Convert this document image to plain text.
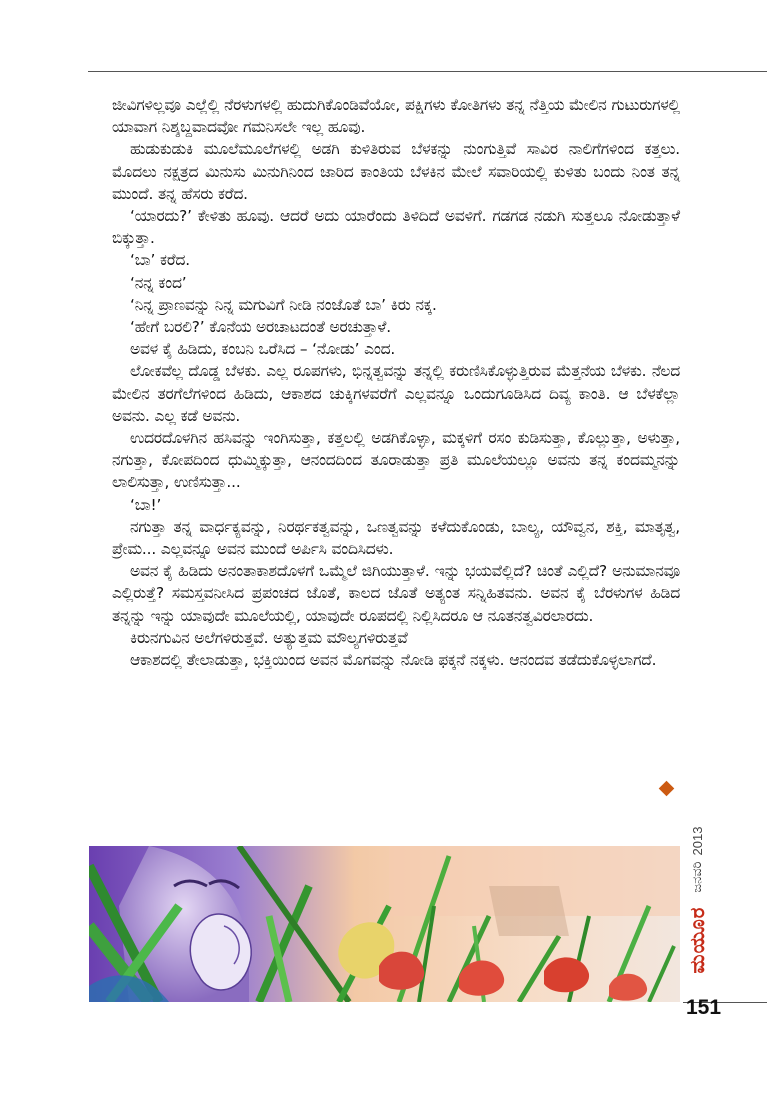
ಜೀವಿಗಳಿಲ್ಲವೂ ಎಲ್ಲೆಲ್ಲಿ ನೆರಳುಗಳಲ್ಲಿ ಹುದುಗಿಕೊಂಡಿವೆಯೋ, ಪಕ್ಷಿಗಳು ಕೋತಿಗಳು ತನ್ನ ನೆತ್ತಿಯ ಮೇಲಿನ ಗುಟುರುಗಳಲ್ಲಿ ಯಾವಾಗ ನಿಶ್ಶಬ್ದವಾದವೋ ಗಮನಿಸಲೇ ಇಲ್ಲ ಹೂವು.

ಹುಡುಕುಡುಕಿ ಮೂಲೆಮೂಲೆಗಳಲ್ಲಿ ಅಡಗಿ ಕುಳಿತಿರುವ ಬೆಳಕನ್ನು ನುಂಗುತ್ತಿವೆ ಸಾವಿರ ನಾಲಿಗೆಗಳಿಂದ ಕತ್ತಲು. ಮೊದಲು ನಕ್ಷತ್ರದ ಮಿನುಸು ಮಿನುಗಿನಿಂದ ಜಾರಿದ ಕಾಂತಿಯ ಬೆಳಕಿನ ಮೇಲೆ ಸವಾರಿಯಲ್ಲಿ ಕುಳಿತು ಬಂದು ನಿಂತ ತನ್ನ ಮುಂದೆ. ತನ್ನ ಹೆಸರು ಕರೆದ.

‘ಯಾರದು?’ ಕೇಳಿತು ಹೂವು. ಆದರೆ ಅದು ಯಾರೆಂದು ತಿಳಿದಿದೆ ಅವಳಿಗೆ. ಗಡಗಡ ನಡುಗಿ ಸುತ್ತಲೂ ನೋಡುತ್ತಾಳೆ ಬಿಕ್ಕುತ್ತಾ.

‘ಬಾ’ ಕರೆದ.

‘ನನ್ನ ಕಂದ’

‘ನಿನ್ನ ಪ್ರಾಣವನ್ನು ನಿನ್ನ ಮಗುವಿಗೆ ನೀಡಿ ನಂಜೊತೆ ಬಾ’ ಕಿರು ನಕ್ಕ.

‘ಹೇಗೆ ಬರಲಿ?’ ಕೊನೆಯ ಅರಚಾಟದಂತೆ ಅರಚುತ್ತಾಳೆ.

ಅವಳ ಕೈ ಹಿಡಿದು, ಕಂಬನಿ ಒರೆಸಿದ – ‘ನೋಡು’ ಎಂದ.

ಲೋಕವೆಲ್ಲ ದೊಡ್ಡ ಬೆಳಕು. ಎಲ್ಲ ರೂಪಗಳು, ಭಿನ್ನತ್ವವನ್ನು ತನ್ನಲ್ಲಿ ಕರುಣಿಸಿಕೊಳ್ಳುತ್ತಿರುವ ಮೆತ್ತನೆಯ ಬೆಳಕು. ನೆಲದ ಮೇಲಿನ ತರಗೆಲೆಗಳಿಂದ ಹಿಡಿದು, ಆಕಾಶದ ಚುಕ್ಕಿಗಳವರೆಗೆ ಎಲ್ಲವನ್ನೂ ಒಂದುಗೂಡಿಸಿದ ದಿವ್ಯ ಕಾಂತಿ. ಆ ಬೆಳಕೆಲ್ಲಾ ಅವನು. ಎಲ್ಲ ಕಡೆ ಅವನು.

ಉದರದೊಳಗಿನ ಹಸಿವನ್ನು ಇಂಗಿಸುತ್ತಾ, ಕತ್ತಲಲ್ಲಿ ಅಡಗಿಕೊಳ್ಳಾ, ಮಕ್ಕಳಿಗೆ ರಸಂ ಕುಡಿಸುತ್ತಾ, ಕೊಲ್ಲುತ್ತಾ, ಅಳುತ್ತಾ, ನಗುತ್ತಾ, ಕೋಪದಿಂದ ಧುಮ್ಮಿಕ್ಕುತ್ತಾ, ಆನಂದದಿಂದ ತೂರಾಡುತ್ತಾ ಪ್ರತಿ ಮೂಲೆಯಲ್ಲೂ ಅವನು ತನ್ನ ಕಂದಮ್ಮನನ್ನು ಲಾಲಿಸುತ್ತಾ, ಉಣಿಸುತ್ತಾ...

‘ಬಾ!’

ನಗುತ್ತಾ ತನ್ನ ವಾರ್ಧಕ್ಯವನ್ನು, ನಿರರ್ಥಕತ್ವವನ್ನು, ಒಣತ್ವವನ್ನು ಕಳೆದುಕೊಂಡು, ಬಾಲ್ಯ, ಯೌವ್ವನ, ಶಕ್ತಿ, ಮಾತೃತ್ವ, ಪ್ರೇಮ... ಎಲ್ಲವನ್ನೂ ಅವನ ಮುಂದೆ ಅರ್ಪಿಸಿ ವಂದಿಸಿದಳು.

ಅವನ ಕೈ ಹಿಡಿದು ಅನಂತಾಕಾಶದೊಳಗೆ ಒಮ್ಮೆಲೆ ಜಿಗಿಯುತ್ತಾಳೆ. ಇನ್ನು ಭಯವೆಲ್ಲಿದೆ? ಚಿಂತೆ ಎಲ್ಲಿದೆ? ಅನುಮಾನವೂ ಎಲ್ಲಿರುತ್ತೆ? ಸಮಸ್ತವನೀಸಿದ ಪ್ರಪಂಚದ ಜೊತೆ, ಕಾಲದ ಜೊತೆ ಅತ್ಯಂತ ಸನ್ನಿಹಿತವನು. ಅವನ ಕೈ ಬೆರಳುಗಳ ಹಿಡಿದ ತನ್ನನ್ನು ಇನ್ನು ಯಾವುದೇ ಮೂಲೆಯಲ್ಲಿ, ಯಾವುದೇ ರೂಪದಲ್ಲಿ ನಿಲ್ಲಿಸಿದರೂ ಆ ನೂತನತ್ವವಿರಲಾರದು.

ಕಿರುನಗುವಿನ ಅಲೆಗಳಿರುತ್ತವೆ. ಅತ್ಯುತ್ತಮ ಮೌಲ್ಯಗಳಿರುತ್ತವೆ

ಆಕಾಶದಲ್ಲಿ ತೇಲಾಡುತ್ತಾ, ಭಕ್ತಿಯಿಂದ ಅವನ ಮೊಗವನ್ನು ನೋಡಿ ಫಕ್ಕನೆ ನಕ್ಕಳು. ಆನಂದವ ತಡೆದುಕೊಳ್ಳಲಾಗದೆ.

ಮಯೂರ
ಜನವರಿ
2013
151
